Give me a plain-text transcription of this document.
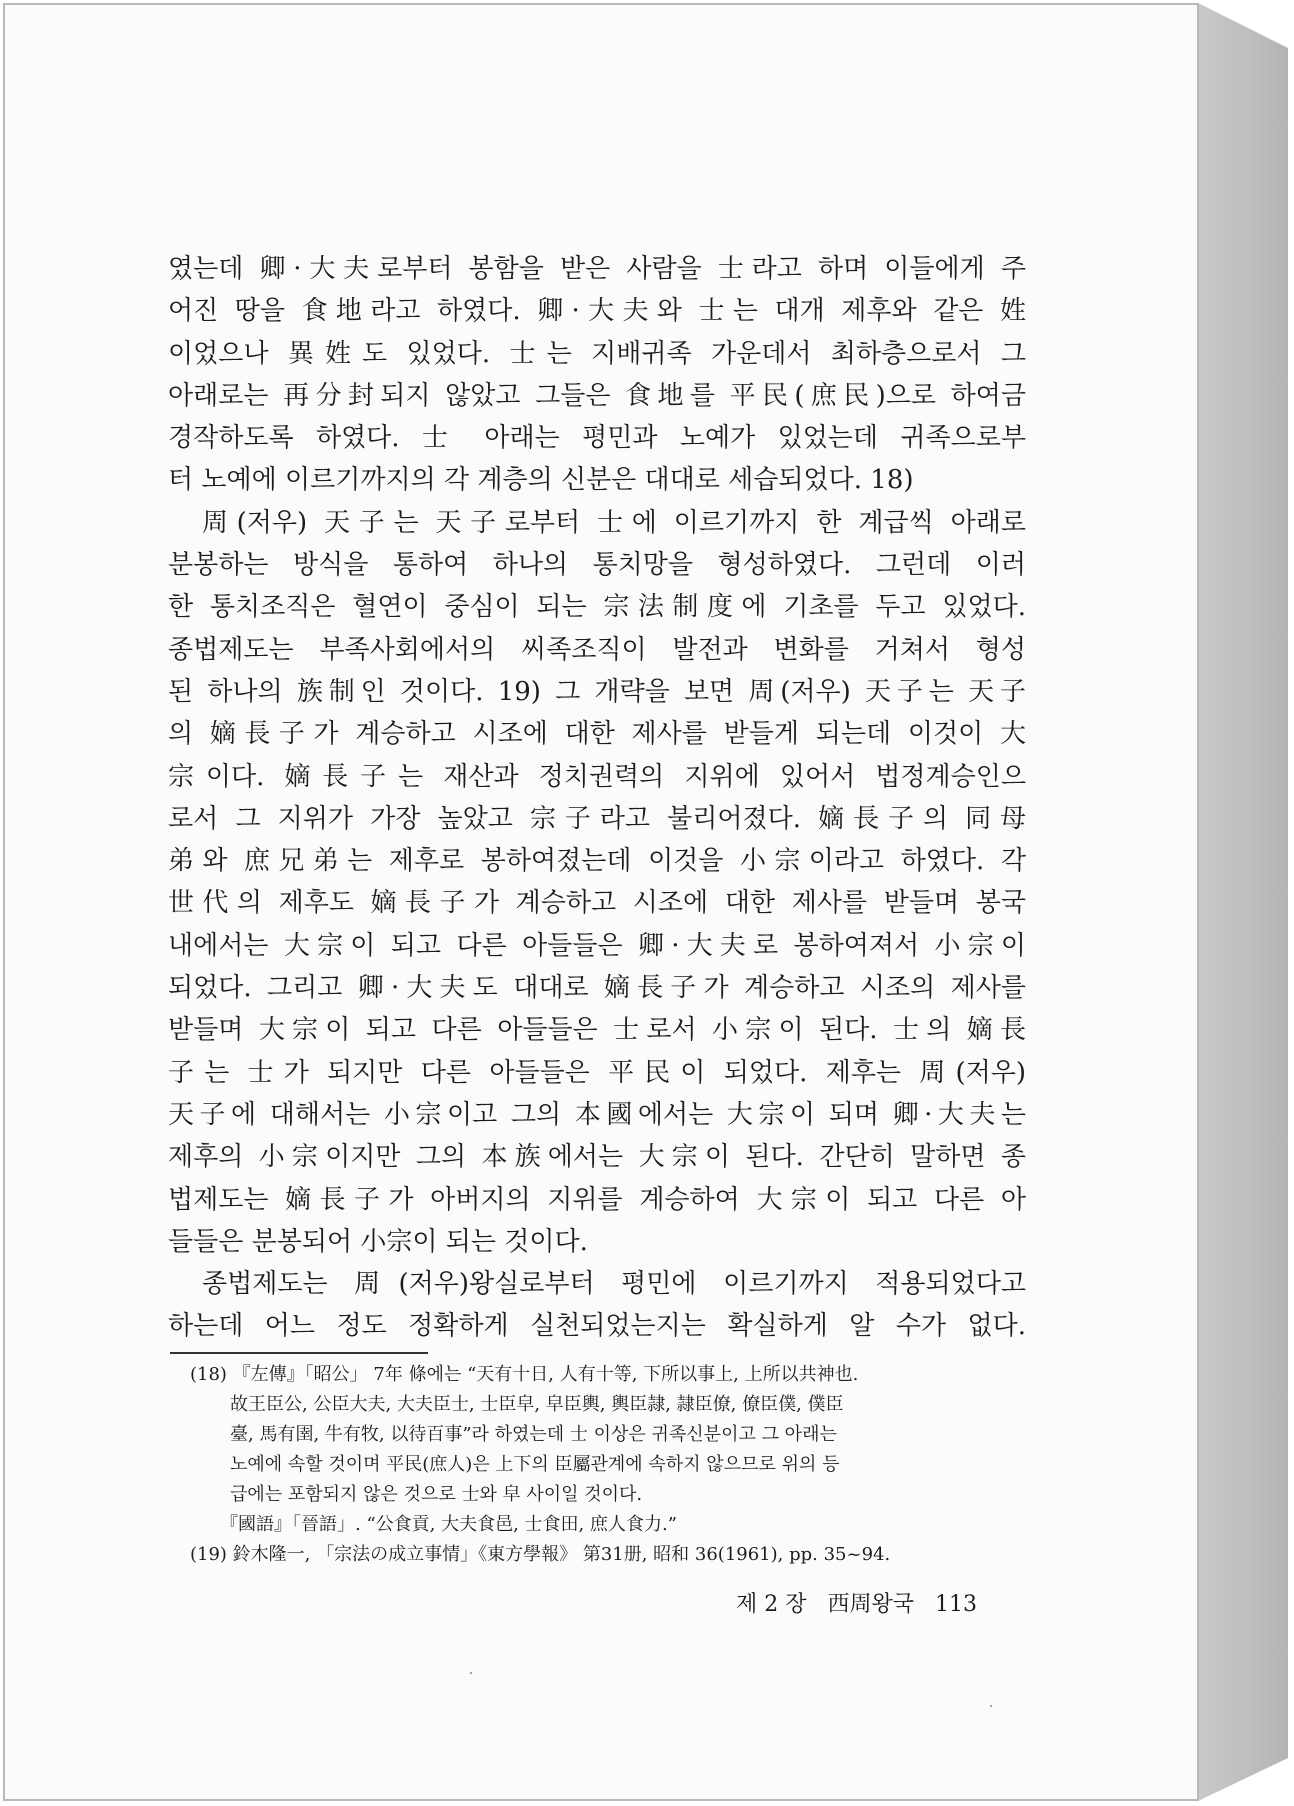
였는데 卿·大夫로부터 봉함을 받은 사람을 士라고 하며 이들에게 주
어진 땅을 食地라고 하였다. 卿·大夫와 士는 대개 제후와 같은 姓
이었으나 異姓도 있었다. 士는 지배귀족 가운데서 최하층으로서 그
아래로는 再分封되지 않았고 그들은 食地를 平民(庶民)으로 하여금
경작하도록 하였다. 士 아래는 평민과 노예가 있었는데 귀족으로부
터 노예에 이르기까지의 각 계층의 신분은 대대로 세습되었다. 18)
周(저우) 天子는 天子로부터 士에 이르기까지 한 계급씩 아래로
분봉하는 방식을 통하여 하나의 통치망을 형성하였다. 그런데 이러
한 통치조직은 혈연이 중심이 되는 宗法制度에 기초를 두고 있었다.
종법제도는 부족사회에서의 씨족조직이 발전과 변화를 거쳐서 형성
된 하나의 族制인 것이다. 19) 그 개략을 보면 周(저우) 天子는 天子
의 嫡長子가 계승하고 시조에 대한 제사를 받들게 되는데 이것이 大
宗이다. 嫡長子는 재산과 정치권력의 지위에 있어서 법정계승인으
로서 그 지위가 가장 높았고 宗子라고 불리어졌다. 嫡長子의 同母
弟와 庶兄弟는 제후로 봉하여졌는데 이것을 小宗이라고 하였다. 각
世代의 제후도 嫡長子가 계승하고 시조에 대한 제사를 받들며 봉국
내에서는 大宗이 되고 다른 아들들은 卿·大夫로 봉하여져서 小宗이
되었다. 그리고 卿·大夫도 대대로 嫡長子가 계승하고 시조의 제사를
받들며 大宗이 되고 다른 아들들은 士로서 小宗이 된다. 士의 嫡長
子는 士가 되지만 다른 아들들은 平民이 되었다. 제후는 周(저우)
天子에 대해서는 小宗이고 그의 本國에서는 大宗이 되며 卿·大夫는
제후의 小宗이지만 그의 本族에서는 大宗이 된다. 간단히 말하면 종
법제도는 嫡長子가 아버지의 지위를 계승하여 大宗이 되고 다른 아
들들은 분봉되어 小宗이 되는 것이다.
종법제도는 周(저우)왕실로부터 평민에 이르기까지 적용되었다고
하는데 어느 정도 정확하게 실천되었는지는 확실하게 알 수가 없다.
(18) 『左傳』「昭公」 7年 條에는 “天有十日, 人有十等, 下所以事上, 上所以共神也.
故王臣公, 公臣大夫, 大夫臣士, 士臣皁, 皁臣輿, 輿臣隷, 隷臣僚, 僚臣僕, 僕臣
臺, 馬有圉, 牛有牧, 以待百事”라 하였는데 士 이상은 귀족신분이고 그 아래는
노예에 속할 것이며 平民(庶人)은 上下의 臣屬관계에 속하지 않으므로 위의 등
급에는 포함되지 않은 것으로 士와 皁 사이일 것이다.
『國語』「晉語」. “公食貢, 大夫食邑, 士食田, 庶人食力.”
(19) 鈴木隆一, 「宗法の成立事情」《東方學報》 第31册, 昭和 36(1961), pp. 35~94.
제 2 장 西周왕국 113
